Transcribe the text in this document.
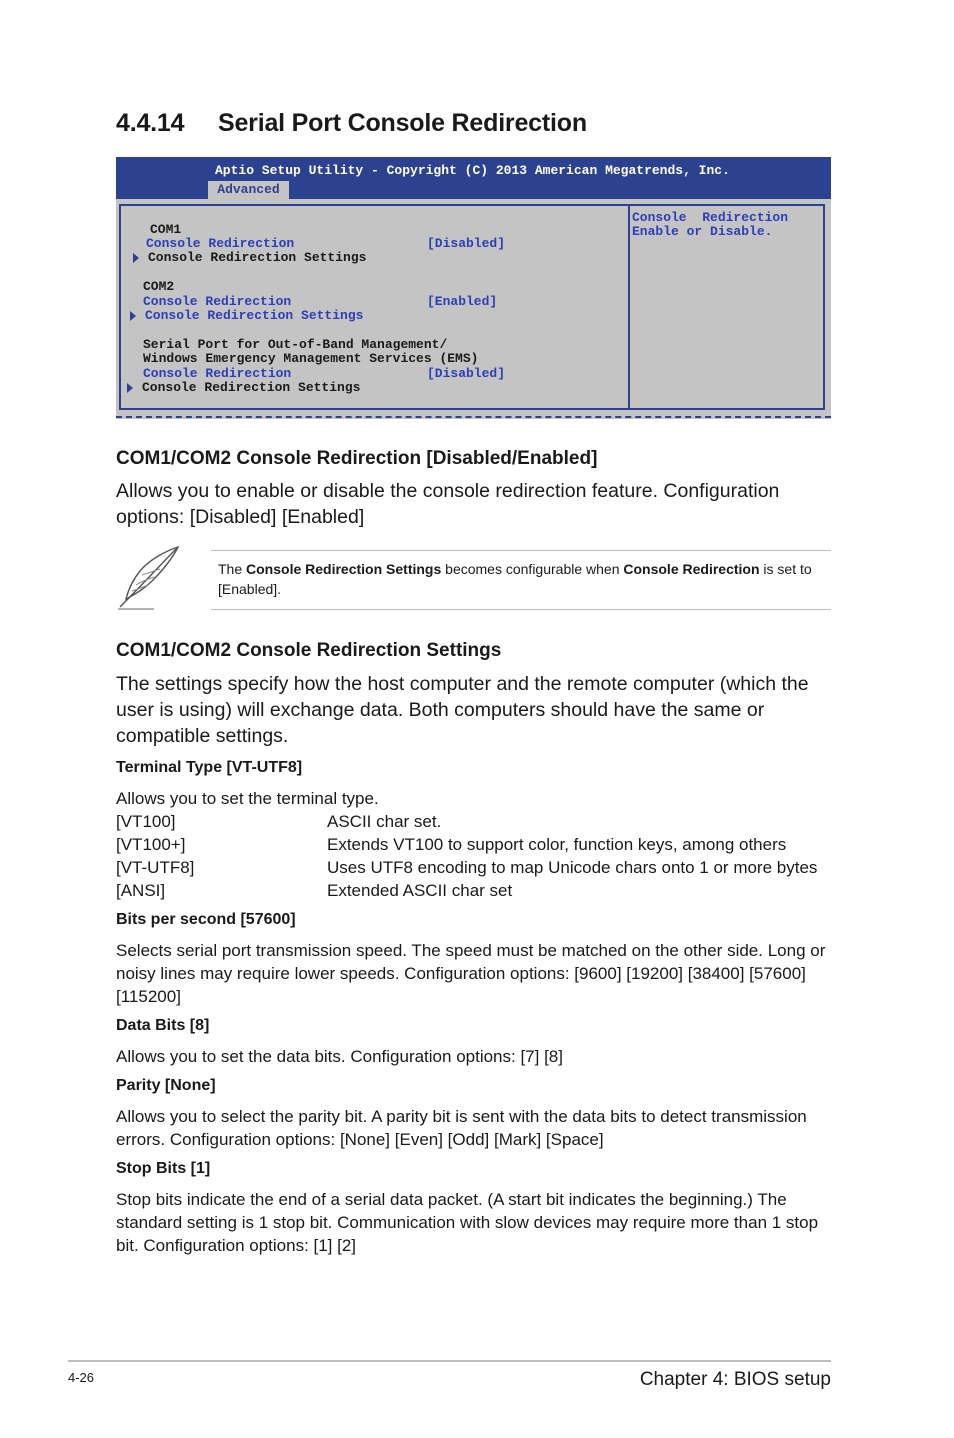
4.4.14 Serial Port Console Redirection
Aptio Setup Utility - Copyright (C) 2013 American Megatrends, Inc.
Advanced
COM1
Console Redirection	[Disabled]
Console Redirection Settings
COM2
Console Redirection	[Enabled]
Console Redirection Settings
Serial Port for Out-of-Band Management/
Windows Emergency Management Services (EMS)
Console Redirection	[Disabled]
Console Redirection Settings
Console  Redirection
Enable or Disable.
COM1/COM2 Console Redirection [Disabled/Enabled]
Allows you to enable or disable the console redirection feature. Configuration options: [Disabled] [Enabled]
The Console Redirection Settings becomes configurable when Console Redirection is set to [Enabled].
COM1/COM2 Console Redirection Settings
The settings specify how the host computer and the remote computer (which the user is using) will exchange data. Both computers should have the same or compatible settings.
Terminal Type [VT-UTF8]
Allows you to set the terminal type.
[VT100]	ASCII char set.
[VT100+]	Extends VT100 to support color, function keys, among others
[VT-UTF8]	Uses UTF8 encoding to map Unicode chars onto 1 or more bytes
[ANSI]	Extended ASCII char set
Bits per second [57600]
Selects serial port transmission speed. The speed must be matched on the other side. Long or noisy lines may require lower speeds. Configuration options: [9600] [19200] [38400] [57600] [115200]
Data Bits [8]
Allows you to set the data bits. Configuration options: [7] [8]
Parity [None]
Allows you to select the parity bit. A parity bit is sent with the data bits to detect transmission errors. Configuration options: [None] [Even] [Odd] [Mark] [Space]
Stop Bits [1]
Stop bits indicate the end of a serial data packet. (A start bit indicates the beginning.) The standard setting is 1 stop bit. Communication with slow devices may require more than 1 stop bit. Configuration options: [1] [2]
4-26	Chapter 4: BIOS setup
